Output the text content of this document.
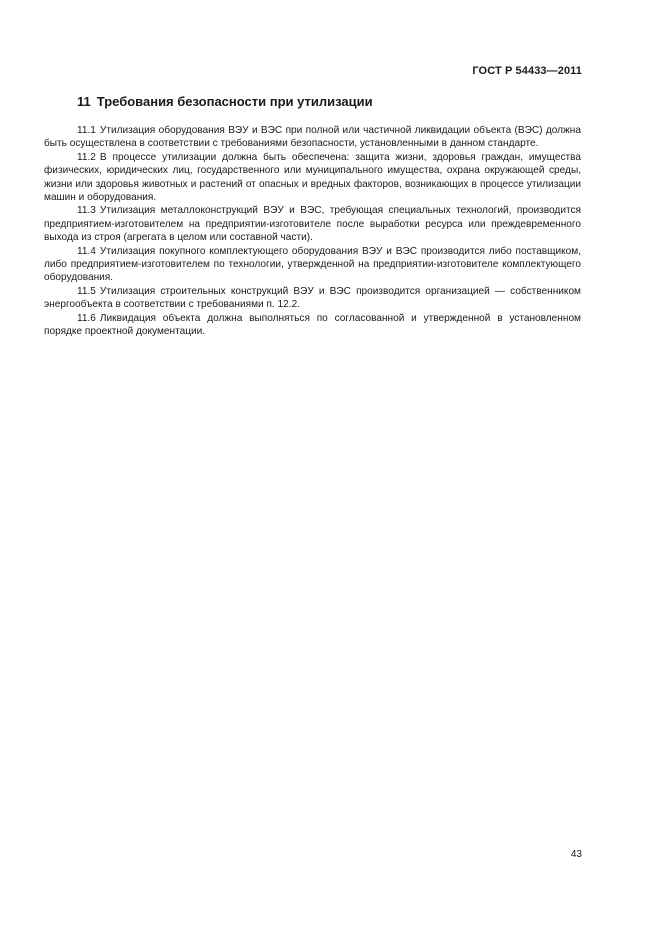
ГОСТ Р 54433—2011
11 Требования безопасности при утилизации

11.1 Утилизация оборудования ВЭУ и ВЭС при полной или частичной ликвидации объекта (ВЭС) должна быть осуществлена в соответствии с требованиями безопасности, установленными в данном стандарте.

11.2 В процессе утилизации должна быть обеспечена: защита жизни, здоровья граждан, имущества физических, юридических лиц, государственного или муниципального имущества, охрана окружающей среды, жизни или здоровья животных и растений от опасных и вредных факторов, возникающих в процессе утилизации машин и оборудования.

11.3 Утилизация металлоконструкций ВЭУ и ВЭС, требующая специальных технологий, производится предприятием-изготовителем на предприятии-изготовителе после выработки ресурса или преждевременного выхода из строя (агрегата в целом или составной части).

11.4 Утилизация покупного комплектующего оборудования ВЭУ и ВЭС производится либо поставщиком, либо предприятием-изготовителем по технологии, утвержденной на предприятии-изготовителе комплектующего оборудования.

11.5 Утилизация строительных конструкций ВЭУ и ВЭС производится организацией — собственником энергообъекта в соответствии с требованиями п. 12.2.

11.6 Ликвидация объекта должна выполняться по согласованной и утвержденной в установленном порядке проектной документации.

43
